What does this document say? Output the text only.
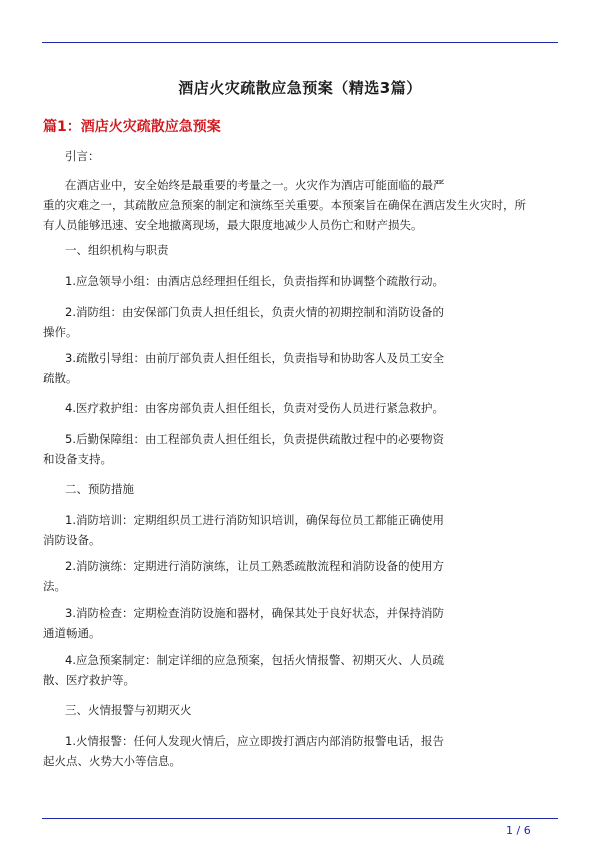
酒店火灾疏散应急预案（精选3篇）
篇1：酒店火灾疏散应急预案

引言：

在酒店业中，安全始终是最重要的考量之一。火灾作为酒店可能面临的最严
重的灾难之一，其疏散应急预案的制定和演练至关重要。本预案旨在确保在酒店发生火灾时，所
有人员能够迅速、安全地撤离现场，最大限度地减少人员伤亡和财产损失。

一、组织机构与职责

1.应急领导小组：由酒店总经理担任组长，负责指挥和协调整个疏散行动。

2.消防组：由安保部门负责人担任组长，负责火情的初期控制和消防设备的
操作。

3.疏散引导组：由前厅部负责人担任组长，负责指导和协助客人及员工安全
疏散。

4.医疗救护组：由客房部负责人担任组长，负责对受伤人员进行紧急救护。

5.后勤保障组：由工程部负责人担任组长，负责提供疏散过程中的必要物资
和设备支持。

二、预防措施

1.消防培训：定期组织员工进行消防知识培训，确保每位员工都能正确使用
消防设备。

2.消防演练：定期进行消防演练，让员工熟悉疏散流程和消防设备的使用方
法。

3.消防检查：定期检查消防设施和器材，确保其处于良好状态，并保持消防
通道畅通。

4.应急预案制定：制定详细的应急预案，包括火情报警、初期灭火、人员疏
散、医疗救护等。

三、火情报警与初期灭火

1.火情报警：任何人发现火情后，应立即拨打酒店内部消防报警电话，报告
起火点、火势大小等信息。

1 / 6
